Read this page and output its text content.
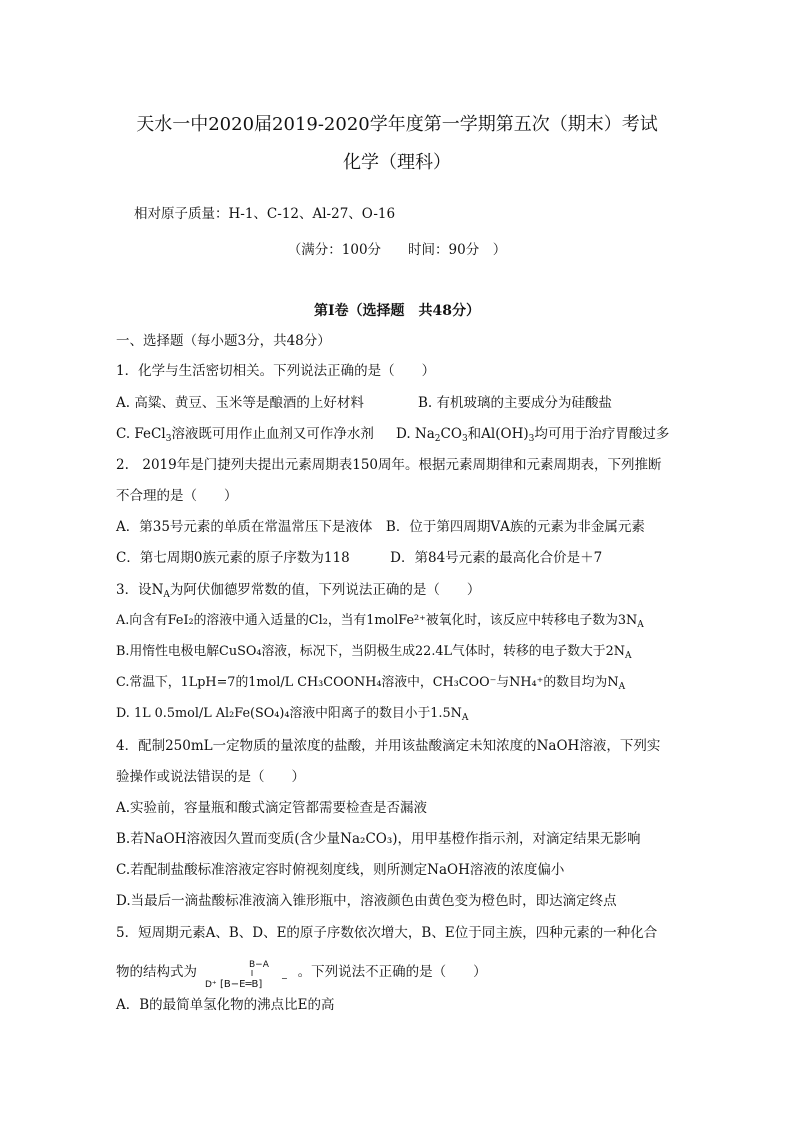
天水一中2020届2019-2020学年度第一学期第五次（期末）考试
化学（理科）
相对原子质量：H-1、C-12、Al-27、O-16
（满分：100分　　时间：90分　）
第Ⅰ卷（选择题　共48分）
一、选择题（每小题3分，共48分）
1．化学与生活密切相关。下列说法正确的是（　　）
A. 高粱、黄豆、玉米等是酿酒的上好材料	B. 有机玻璃的主要成分为硅酸盐
C. FeCl$_3$溶液既可用作止血剂又可作净水剂 D. $Na_2CO_3$和$Al(OH)_3$均可用于治疗胃酸过多
2.　2019年是门捷列夫提出元素周期表150周年。根据元素周期律和元素周期表，下列推断
不合理的是（　　）
A．第35号元素的单质在常温常压下是液体　B．位于第四周期ⅤA族的元素为非金属元素
C．第七周期0族元素的原子序数为118　　　D．第84号元素的最高化合价是＋7
3．设$N_A$为阿伏伽德罗常数的值，下列说法正确的是（　　）
A.向含有FeI₂的溶液中通入适量的Cl₂，当有1molFe²⁺被氧化时，该反应中转移电子数为$3N_A$
B.用惰性电极电解CuSO₄溶液，标况下，当阴极生成22.4L气体时，转移的电子数大于$2N_A$
C.常温下，1LpH=7的1mol/L CH₃COONH₄溶液中，CH₃COO⁻与NH₄⁺的数目均为$N_A$
D. 1L 0.5mol/L Al₂Fe(SO₄)₄溶液中阳离子的数目小于$1.5N_A$
4．配制250mL一定物质的量浓度的盐酸，并用该盐酸滴定未知浓度的NaOH溶液，下列实
验操作或说法错误的是（　　）
A.实验前，容量瓶和酸式滴定管都需要检查是否漏液
B.若NaOH溶液因久置而变质(含少量Na₂CO₃)，用甲基橙作指示剂，对滴定结果无影响
C.若配制盐酸标准溶液定容时俯视刻度线，则所测定NaOH溶液的浓度偏小
D.当最后一滴盐酸标准液滴入锥形瓶中，溶液颜色由黄色变为橙色时，即达滴定终点
5．短周期元素A、B、D、E的原子序数依次增大，B、E位于同主族，四种元素的一种化合
物的结构式为	B−A
D⁺ [B−E═B]
− 。下列说法不正确的是（　　）
A．B的最简单氢化物的沸点比E的高
